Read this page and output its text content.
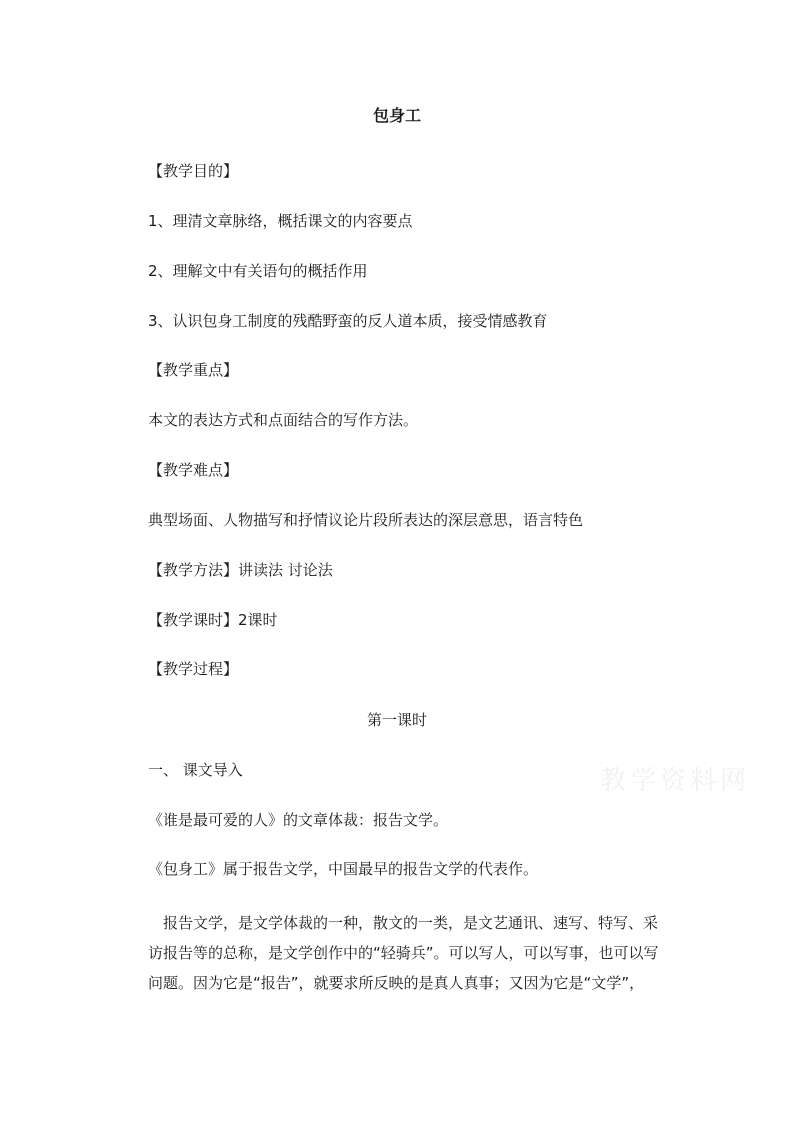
包身工
【教学目的】
1、理清文章脉络，概括课文的内容要点
2、理解文中有关语句的概括作用
3、认识包身工制度的残酷野蛮的反人道本质，接受情感教育
【教学重点】
本文的表达方式和点面结合的写作方法。
【教学难点】
典型场面、人物描写和抒情议论片段所表达的深层意思，语言特色
【教学方法】讲读法 讨论法
【教学课时】2课时
【教学过程】
第一课时
一、 课文导入
《谁是最可爱的人》的文章体裁：报告文学。
《包身工》属于报告文学，中国最早的报告文学的代表作。
　报告文学，是文学体裁的一种，散文的一类，是文艺通讯、速写、特写、采
访报告等的总称，是文学创作中的“轻骑兵”。可以写人，可以写事，也可以写
问题。因为它是“报告”，就要求所反映的是真人真事；又因为它是“文学”，
教学资料网
